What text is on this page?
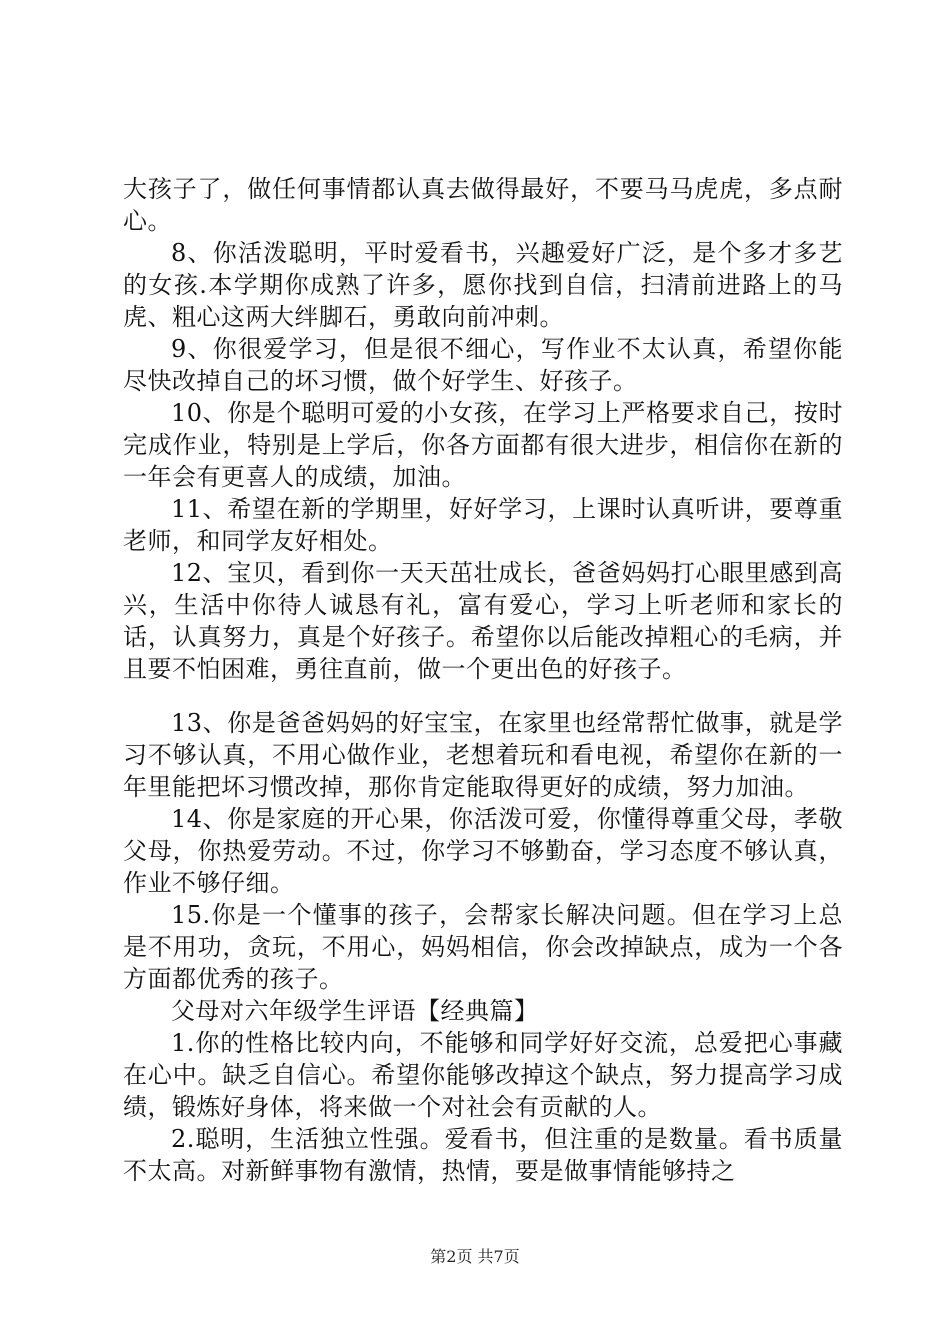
大孩子了，做任何事情都认真去做得最好，不要马马虎虎，多点耐心。

8、你活泼聪明，平时爱看书，兴趣爱好广泛，是个多才多艺的女孩.本学期你成熟了许多，愿你找到自信，扫清前进路上的马虎、粗心这两大绊脚石，勇敢向前冲刺。

9、你很爱学习，但是很不细心，写作业不太认真，希望你能尽快改掉自己的坏习惯，做个好学生、好孩子。

10、你是个聪明可爱的小女孩，在学习上严格要求自己，按时完成作业，特别是上学后，你各方面都有很大进步，相信你在新的一年会有更喜人的成绩，加油。

11、希望在新的学期里，好好学习，上课时认真听讲，要尊重老师，和同学友好相处。

12、宝贝，看到你一天天茁壮成长，爸爸妈妈打心眼里感到高兴，生活中你待人诚恳有礼，富有爱心，学习上听老师和家长的话，认真努力，真是个好孩子。希望你以后能改掉粗心的毛病，并且要不怕困难，勇往直前，做一个更出色的好孩子。

13、你是爸爸妈妈的好宝宝，在家里也经常帮忙做事，就是学习不够认真，不用心做作业，老想着玩和看电视，希望你在新的一年里能把坏习惯改掉，那你肯定能取得更好的成绩，努力加油。

14、你是家庭的开心果，你活泼可爱，你懂得尊重父母，孝敬父母，你热爱劳动。不过，你学习不够勤奋，学习态度不够认真，作业不够仔细。

15.你是一个懂事的孩子，会帮家长解决问题。但在学习上总是不用功，贪玩，不用心，妈妈相信，你会改掉缺点，成为一个各方面都优秀的孩子。

父母对六年级学生评语【经典篇】

1.你的性格比较内向，不能够和同学好好交流，总爱把心事藏在心中。缺乏自信心。希望你能够改掉这个缺点，努力提高学习成绩，锻炼好身体，将来做一个对社会有贡献的人。

2.聪明，生活独立性强。爱看书，但注重的是数量。看书质量不太高。对新鲜事物有激情，热情，要是做事情能够持之

第2页 共7页
